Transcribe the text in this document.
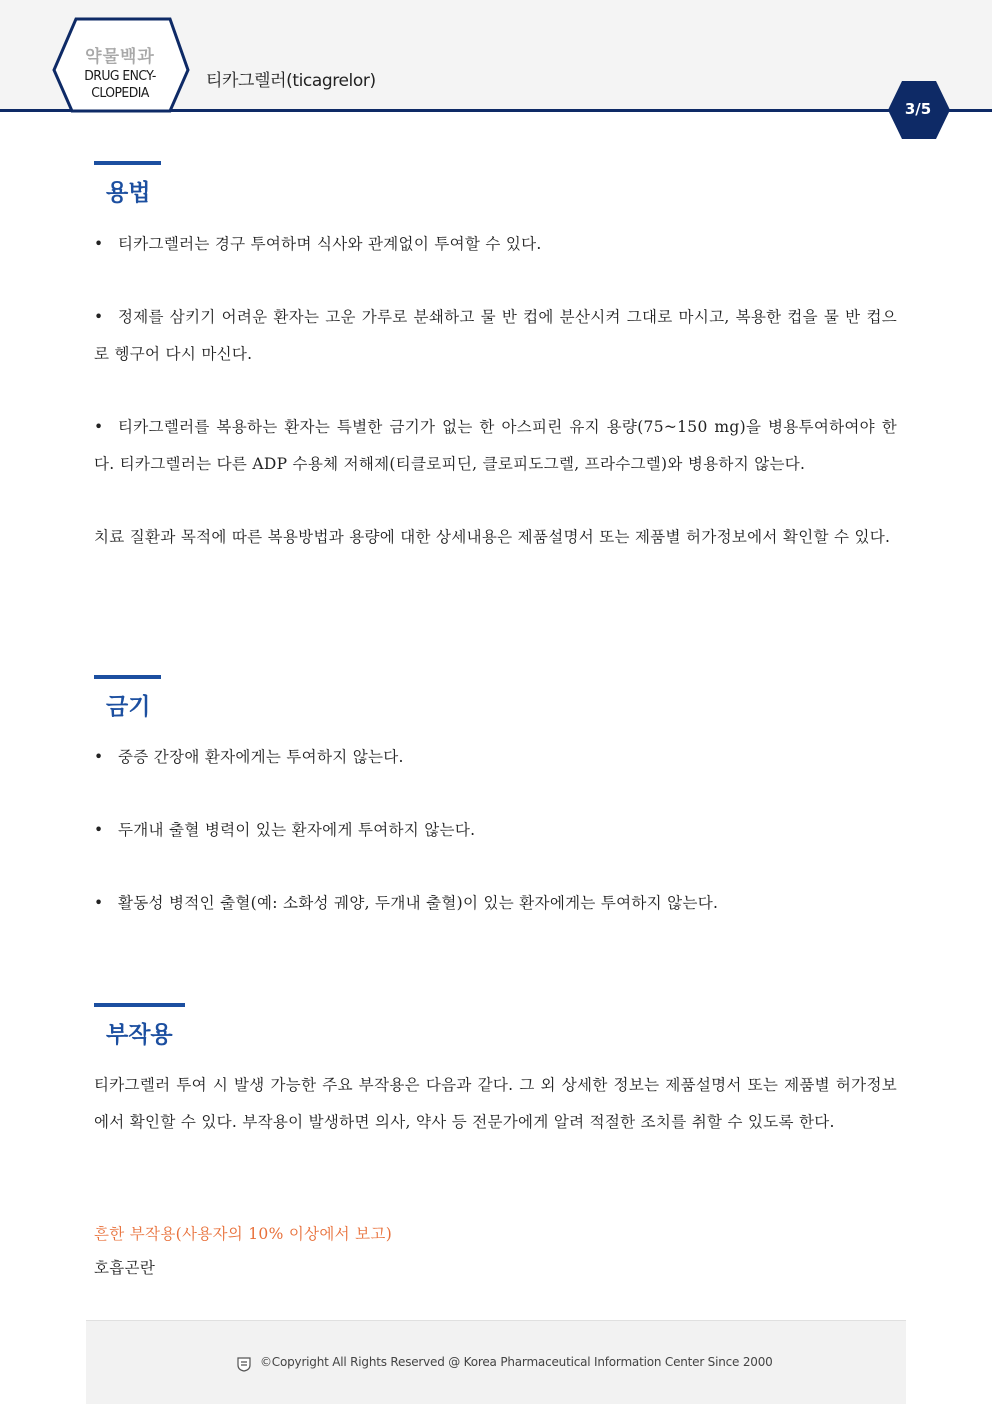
약물백과
DRUG ENCY-
CLOPEDIA
티카그렐러(ticagrelor)
3/5
용법
• 티카그렐러는 경구 투여하며 식사와 관계없이 투여할 수 있다.
• 정제를 삼키기 어려운 환자는 고운 가루로 분쇄하고 물 반 컵에 분산시켜 그대로 마시고, 복용한 컵을 물 반 컵으로 헹구어 다시 마신다.
• 티카그렐러를 복용하는 환자는 특별한 금기가 없는 한 아스피린 유지 용량(75~150 mg)을 병용투여하여야 한다. 티카그렐러는 다른 ADP 수용체 저해제(티클로피딘, 클로피도그렐, 프라수그렐)와 병용하지 않는다.
치료 질환과 목적에 따른 복용방법과 용량에 대한 상세내용은 제품설명서 또는 제품별 허가정보에서 확인할 수 있다.
금기
• 중증 간장애 환자에게는 투여하지 않는다.
• 두개내 출혈 병력이 있는 환자에게 투여하지 않는다.
• 활동성 병적인 출혈(예: 소화성 궤양, 두개내 출혈)이 있는 환자에게는 투여하지 않는다.
부작용
티카그렐러 투여 시 발생 가능한 주요 부작용은 다음과 같다. 그 외 상세한 정보는 제품설명서 또는 제품별 허가정보에서 확인할 수 있다. 부작용이 발생하면 의사, 약사 등 전문가에게 알려 적절한 조치를 취할 수 있도록 한다.
흔한 부작용(사용자의 10% 이상에서 보고)
호흡곤란
©Copyright All Rights Reserved @ Korea Pharmaceutical Information Center Since 2000
